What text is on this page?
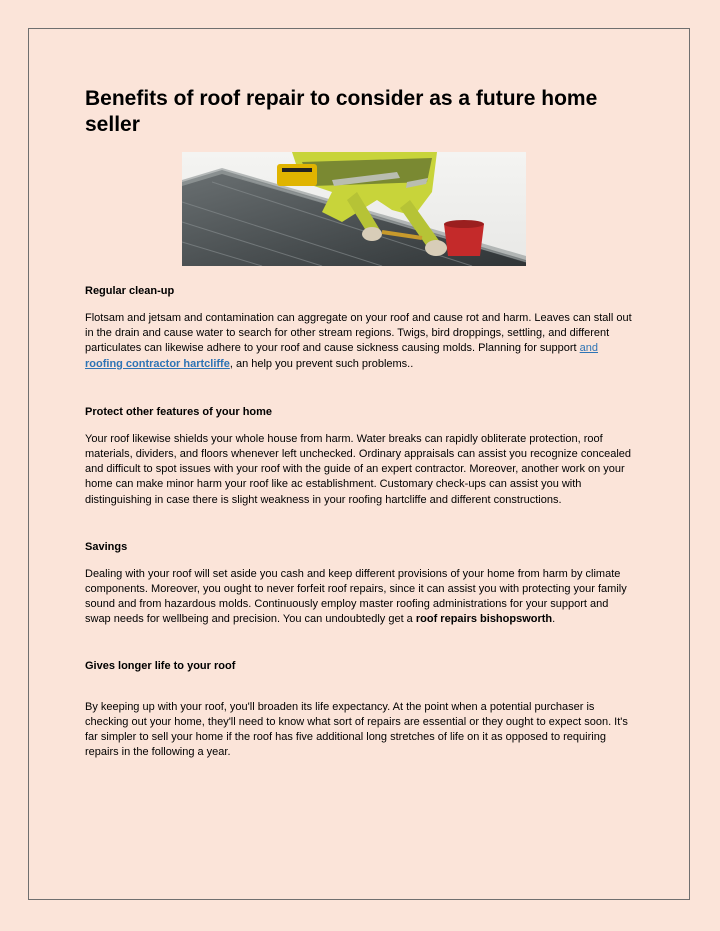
Benefits of roof repair to consider as a future home seller
Regular clean-up

Flotsam and jetsam and contamination can aggregate on your roof and cause rot and harm. Leaves can stall out in the drain and cause water to search for other stream regions. Twigs, bird droppings, settling, and different particulates can likewise adhere to your roof and cause sickness causing molds. Planning for support and roofing contractor hartcliffe, an help you prevent such problems..

Protect other features of your home

Your roof likewise shields your whole house from harm. Water breaks can rapidly obliterate protection, roof materials, dividers, and floors whenever left unchecked. Ordinary appraisals can assist you recognize concealed and difficult to spot issues with your roof with the guide of an expert contractor. Moreover, another work on your home can make minor harm your roof like ac establishment. Customary check-ups can assist you with distinguishing in case there is slight weakness in your roofing hartcliffe and different constructions.

Savings

Dealing with your roof will set aside you cash and keep different provisions of your home from harm by climate components. Moreover, you ought to never forfeit roof repairs, since it can assist you with protecting your family sound and from hazardous molds. Continuously employ master roofing administrations for your support and swap needs for wellbeing and precision. You can undoubtedly get a roof repairs bishopsworth.

Gives longer life to your roof

By keeping up with your roof, you'll broaden its life expectancy. At the point when a potential purchaser is checking out your home, they'll need to know what sort of repairs are essential or they ought to expect soon. It's far simpler to sell your home if the roof has five additional long stretches of life on it as opposed to requiring repairs in the following a year.
